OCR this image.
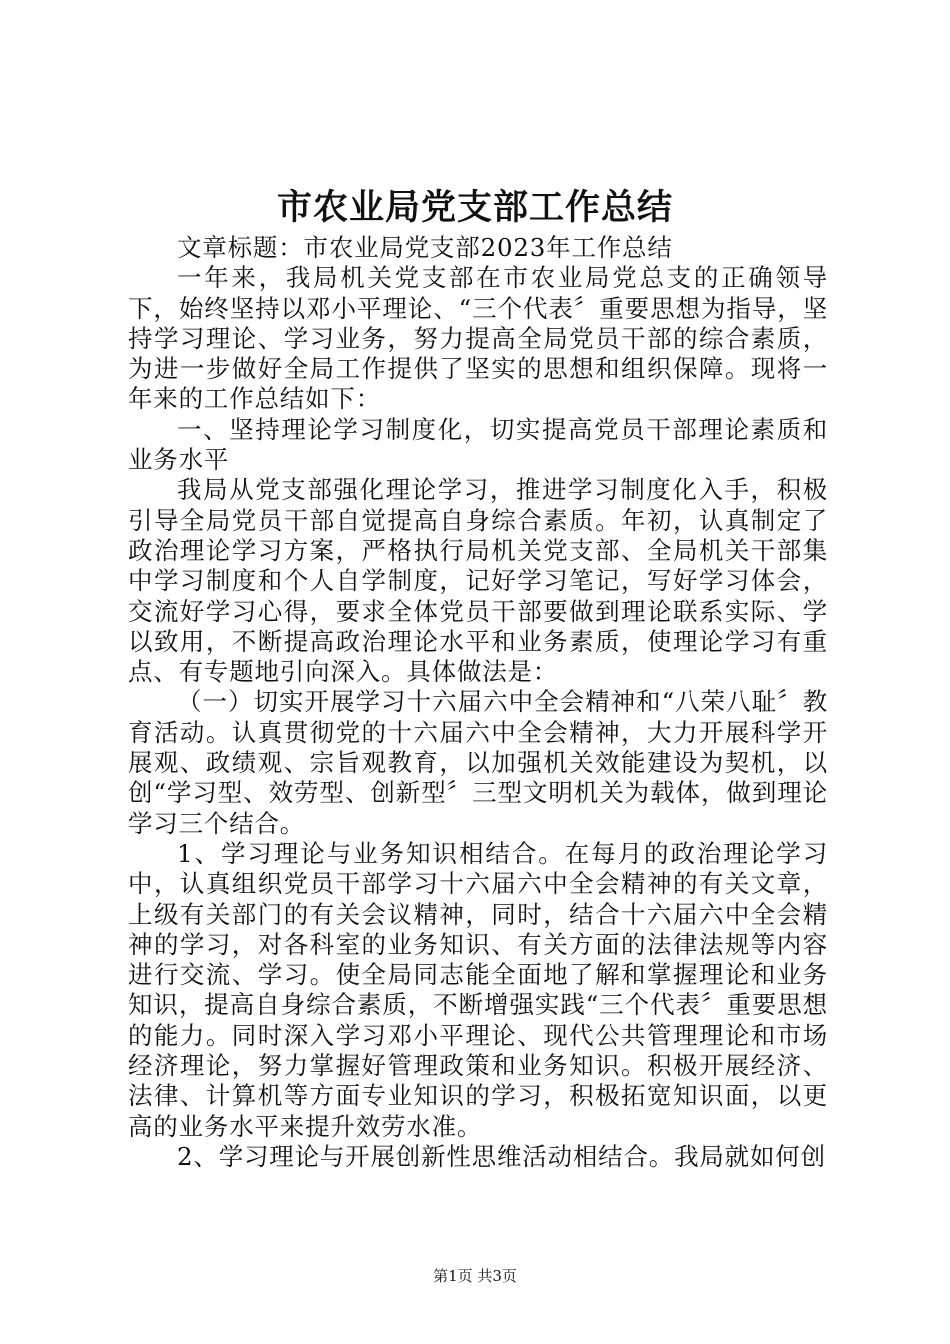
市农业局党支部工作总结

文章标题：市农业局党支部2023年工作总结

一年来，我局机关党支部在市农业局党总支的正确领导下，始终坚持以邓小平理论、“三个代表〞重要思想为指导，坚持学习理论、学习业务，努力提高全局党员干部的综合素质，为进一步做好全局工作提供了坚实的思想和组织保障。现将一年来的工作总结如下：

一、坚持理论学习制度化，切实提高党员干部理论素质和业务水平

我局从党支部强化理论学习，推进学习制度化入手，积极引导全局党员干部自觉提高自身综合素质。年初，认真制定了政治理论学习方案，严格执行局机关党支部、全局机关干部集中学习制度和个人自学制度，记好学习笔记，写好学习体会，交流好学习心得，要求全体党员干部要做到理论联系实际、学以致用，不断提高政治理论水平和业务素质，使理论学习有重点、有专题地引向深入。具体做法是：

（一）切实开展学习十六届六中全会精神和“八荣八耻〞教育活动。认真贯彻党的十六届六中全会精神，大力开展科学开展观、政绩观、宗旨观教育，以加强机关效能建设为契机，以创“学习型、效劳型、创新型〞三型文明机关为载体，做到理论学习三个结合。

1、学习理论与业务知识相结合。在每月的政治理论学习中，认真组织党员干部学习十六届六中全会精神的有关文章，上级有关部门的有关会议精神，同时，结合十六届六中全会精神的学习，对各科室的业务知识、有关方面的法律法规等内容进行交流、学习。使全局同志能全面地了解和掌握理论和业务知识，提高自身综合素质，不断增强实践“三个代表〞重要思想的能力。同时深入学习邓小平理论、现代公共管理理论和市场经济理论，努力掌握好管理政策和业务知识。积极开展经济、法律、计算机等方面专业知识的学习，积极拓宽知识面，以更高的业务水平来提升效劳水准。

2、学习理论与开展创新性思维活动相结合。我局就如何创

第1页 共3页
